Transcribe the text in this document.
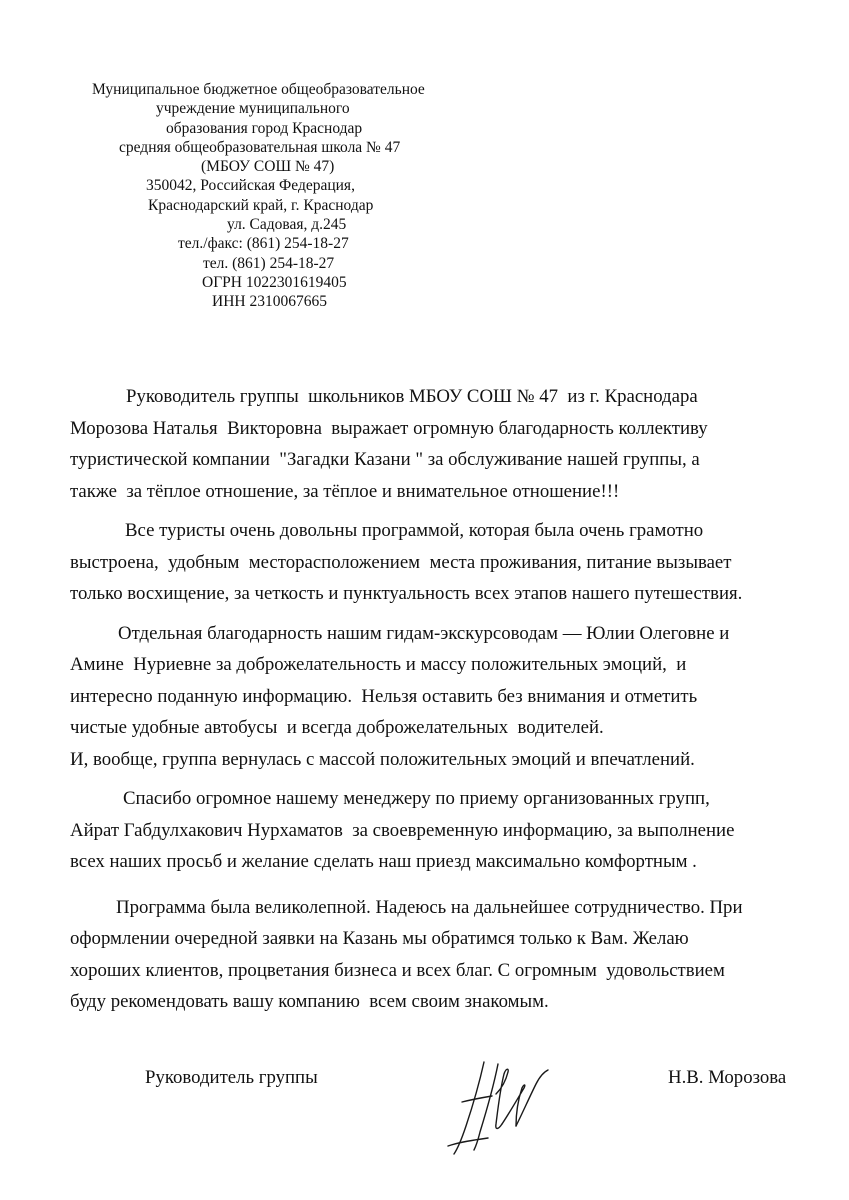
Муниципальное бюджетное общеобразовательное
учреждение муниципального
образования город Краснодар
средняя общеобразовательная школа № 47
(МБОУ СОШ № 47)
350042, Российская Федерация,
Краснодарский край, г. Краснодар
ул. Садовая, д.245
тел./факс: (861) 254-18-27
тел. (861) 254-18-27
ОГРН 1022301619405
ИНН 2310067665

Руководитель группы  школьников МБОУ СОШ № 47  из г. Краснодара
Морозова Наталья  Викторовна  выражает огромную благодарность коллективу
туристической компании  "Загадки Казани " за обслуживание нашей группы, а
также  за тёплое отношение, за тёплое и внимательное отношение!!!

Все туристы очень довольны программой, которая была очень грамотно
выстроена,  удобным  месторасположением  места проживания, питание вызывает
только восхищение, за четкость и пунктуальность всех этапов нашего путешествия.

Отдельная благодарность нашим гидам-экскурсоводам — Юлии Олеговне и
Амине  Нуриевне за доброжелательность и массу положительных эмоций,  и
интересно поданную информацию.  Нельзя оставить без внимания и отметить
чистые удобные автобусы  и всегда доброжелательных  водителей.
И, вообще, группа вернулась с массой положительных эмоций и впечатлений.

Спасибо огромное нашему менеджеру по приему организованных групп,
Айрат Габдулхакович Нурхаматов  за своевременную информацию, за выполнение
всех наших просьб и желание сделать наш приезд максимально комфортным .

Программа была великолепной. Надеюсь на дальнейшее сотрудничество. При
оформлении очередной заявки на Казань мы обратимся только к Вам. Желаю
хороших клиентов, процветания бизнеса и всех благ. С огромным  удовольствием
буду рекомендовать вашу компанию  всем своим знакомым.

Руководитель группы	Н.В. Морозова
